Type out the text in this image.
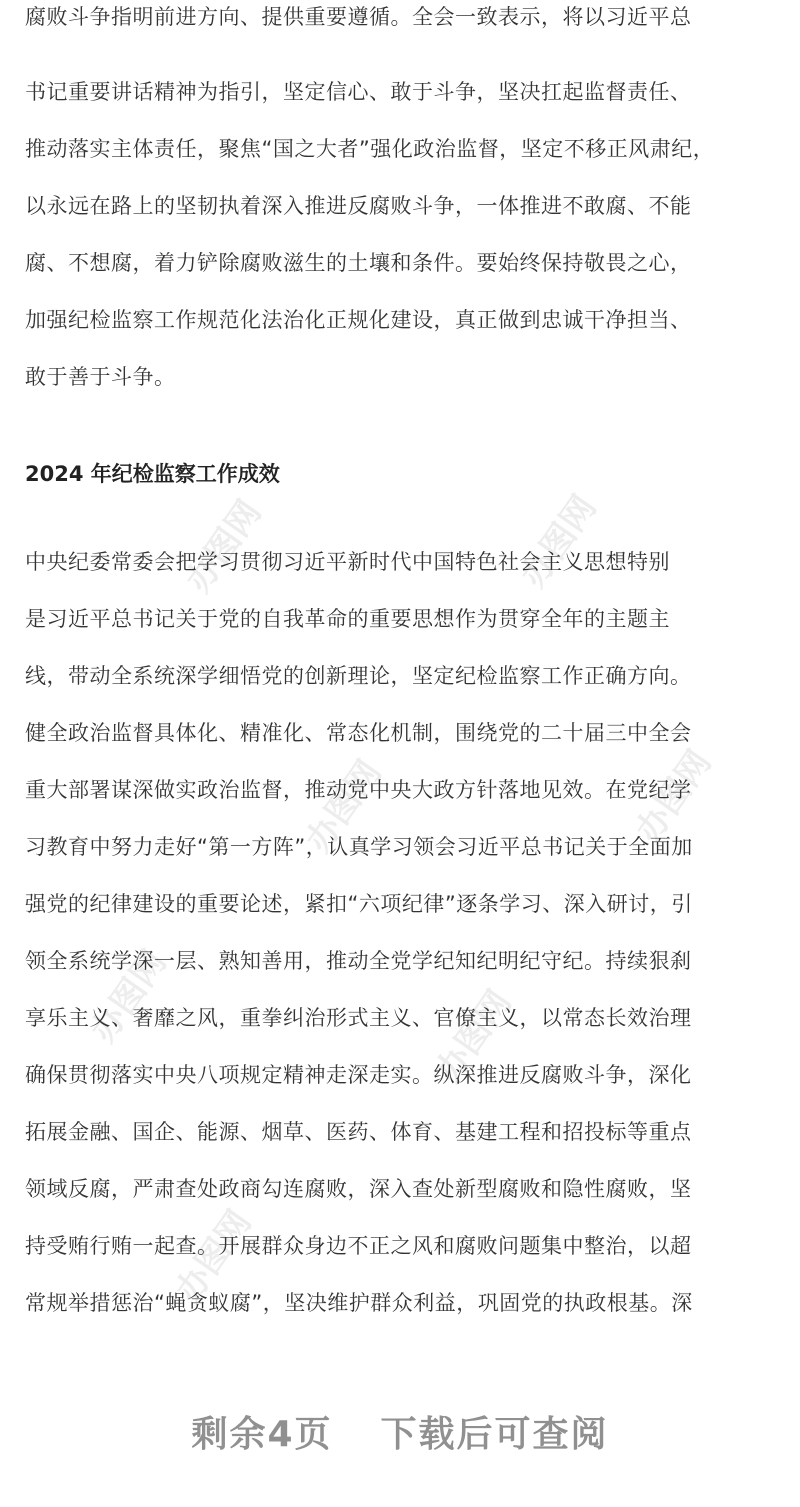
办图网	办图网
办图网	办图网
办图网	办图网
办图网
腐败斗争指明前进方向、提供重要遵循。全会一致表示，将以习近平总
书记重要讲话精神为指引，坚定信心、敢于斗争，坚决扛起监督责任、
推动落实主体责任，聚焦“国之大者”强化政治监督，坚定不移正风肃纪，
以永远在路上的坚韧执着深入推进反腐败斗争，一体推进不敢腐、不能
腐、不想腐，着力铲除腐败滋生的土壤和条件。要始终保持敬畏之心，
加强纪检监察工作规范化法治化正规化建设，真正做到忠诚干净担当、
敢于善于斗争。
2024 年纪检监察工作成效
中央纪委常委会把学习贯彻习近平新时代中国特色社会主义思想特别
是习近平总书记关于党的自我革命的重要思想作为贯穿全年的主题主
线，带动全系统深学细悟党的创新理论，坚定纪检监察工作正确方向。
健全政治监督具体化、精准化、常态化机制，围绕党的二十届三中全会
重大部署谋深做实政治监督，推动党中央大政方针落地见效。在党纪学
习教育中努力走好“第一方阵”，认真学习领会习近平总书记关于全面加
强党的纪律建设的重要论述，紧扣“六项纪律”逐条学习、深入研讨，引
领全系统学深一层、熟知善用，推动全党学纪知纪明纪守纪。持续狠刹
享乐主义、奢靡之风，重拳纠治形式主义、官僚主义，以常态长效治理
确保贯彻落实中央八项规定精神走深走实。纵深推进反腐败斗争，深化
拓展金融、国企、能源、烟草、医药、体育、基建工程和招投标等重点
领域反腐，严肃查处政商勾连腐败，深入查处新型腐败和隐性腐败，坚
持受贿行贿一起查。开展群众身边不正之风和腐败问题集中整治，以超
常规举措惩治“蝇贪蚁腐”，坚决维护群众利益，巩固党的执政根基。深
剩余4页 下载后可查阅
